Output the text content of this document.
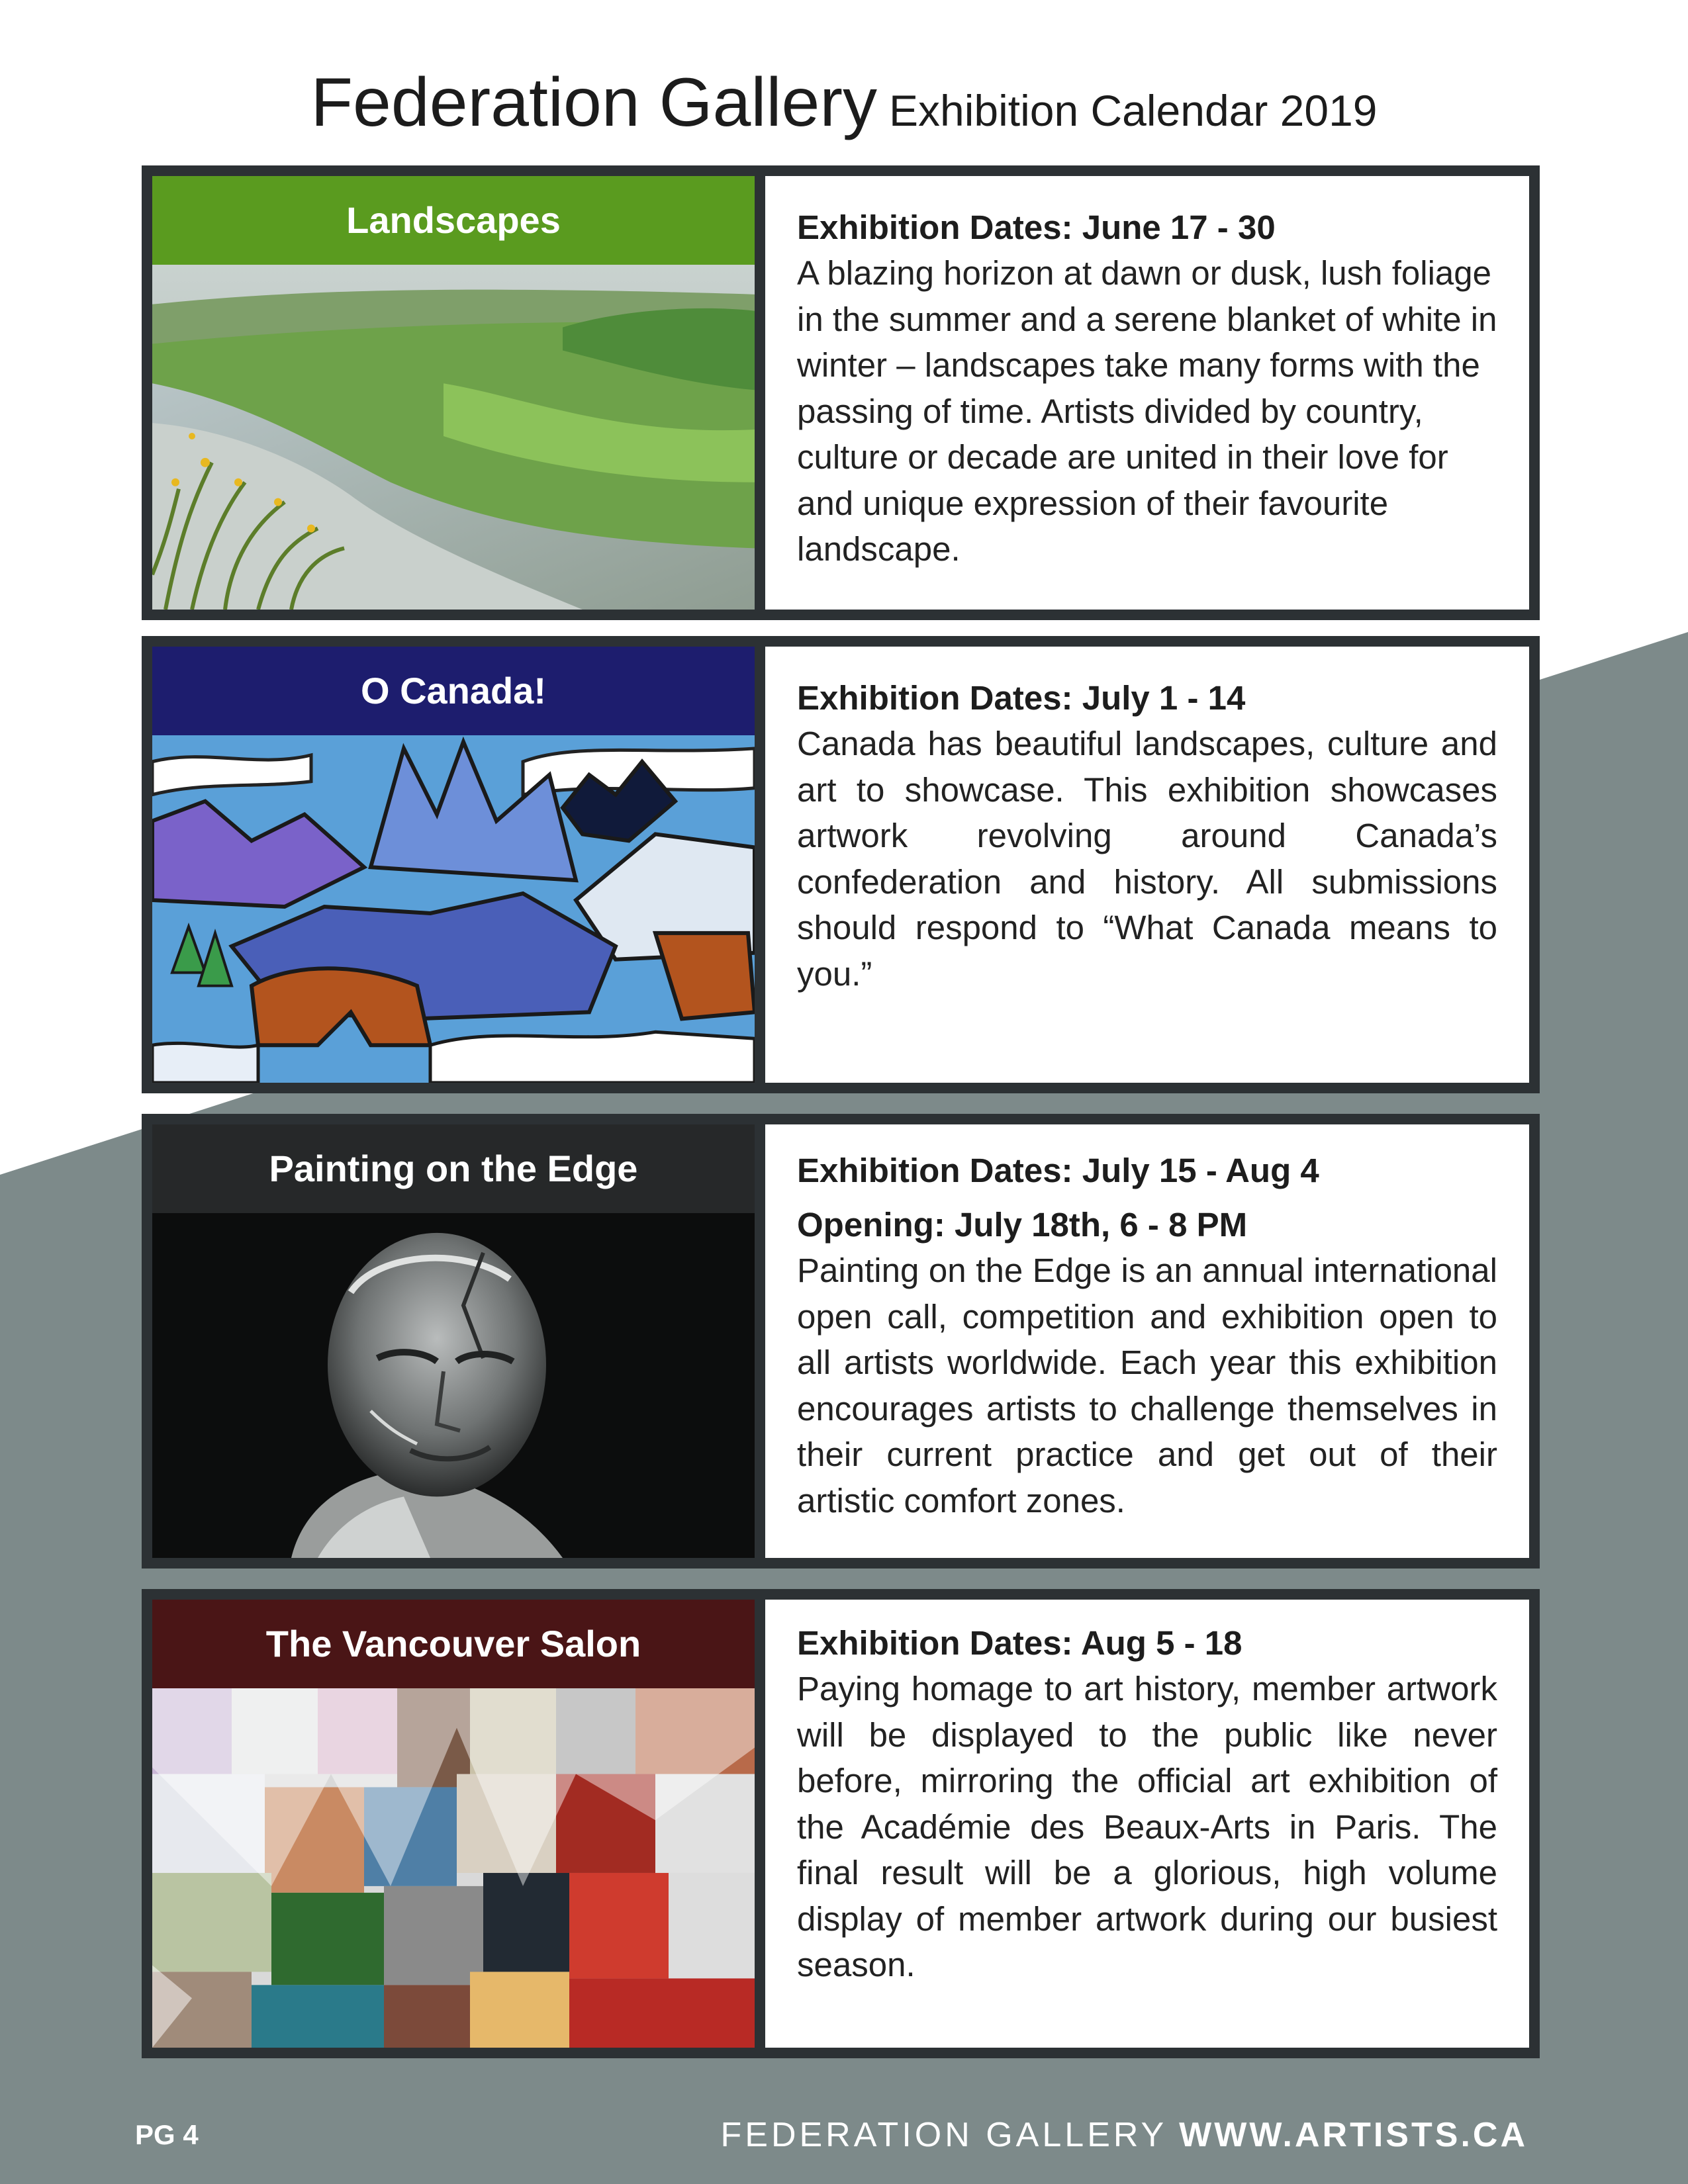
Federation Gallery Exhibition Calendar 2019
Landscapes	Exhibition Dates: June 17 - 30

A blazing horizon at dawn or dusk, lush foliage in the summer and a serene blanket of white in winter – landscapes take many forms with the passing of time. Artists divided by country, culture or decade are united in their love for and unique expression of their favourite landscape.

O Canada!	Exhibition Dates: July 1 - 14

Canada has beautiful landscapes, culture and art to showcase. This exhibition showcases artwork revolving around Canada’s confederation and history. All submissions should respond to “What Canada means to you.”

Painting on the Edge	Exhibition Dates: July 15 - Aug 4

Opening: July 18th, 6 - 8 PM

Painting on the Edge is an annual international open call, competition and exhibition open to all artists worldwide. Each year this exhibition encourages artists to challenge themselves in their current practice and get out of their artistic comfort zones.

The Vancouver Salon	Exhibition Dates: Aug 5 - 18

Paying homage to art history, member artwork will be displayed to the public like never before, mirroring the official art exhibition of the Académie des Beaux-Arts in Paris. The final result will be a glorious, high volume display of member artwork during our busiest season.

PG 4	FEDERATION GALLERY WWW.ARTISTS.CA
